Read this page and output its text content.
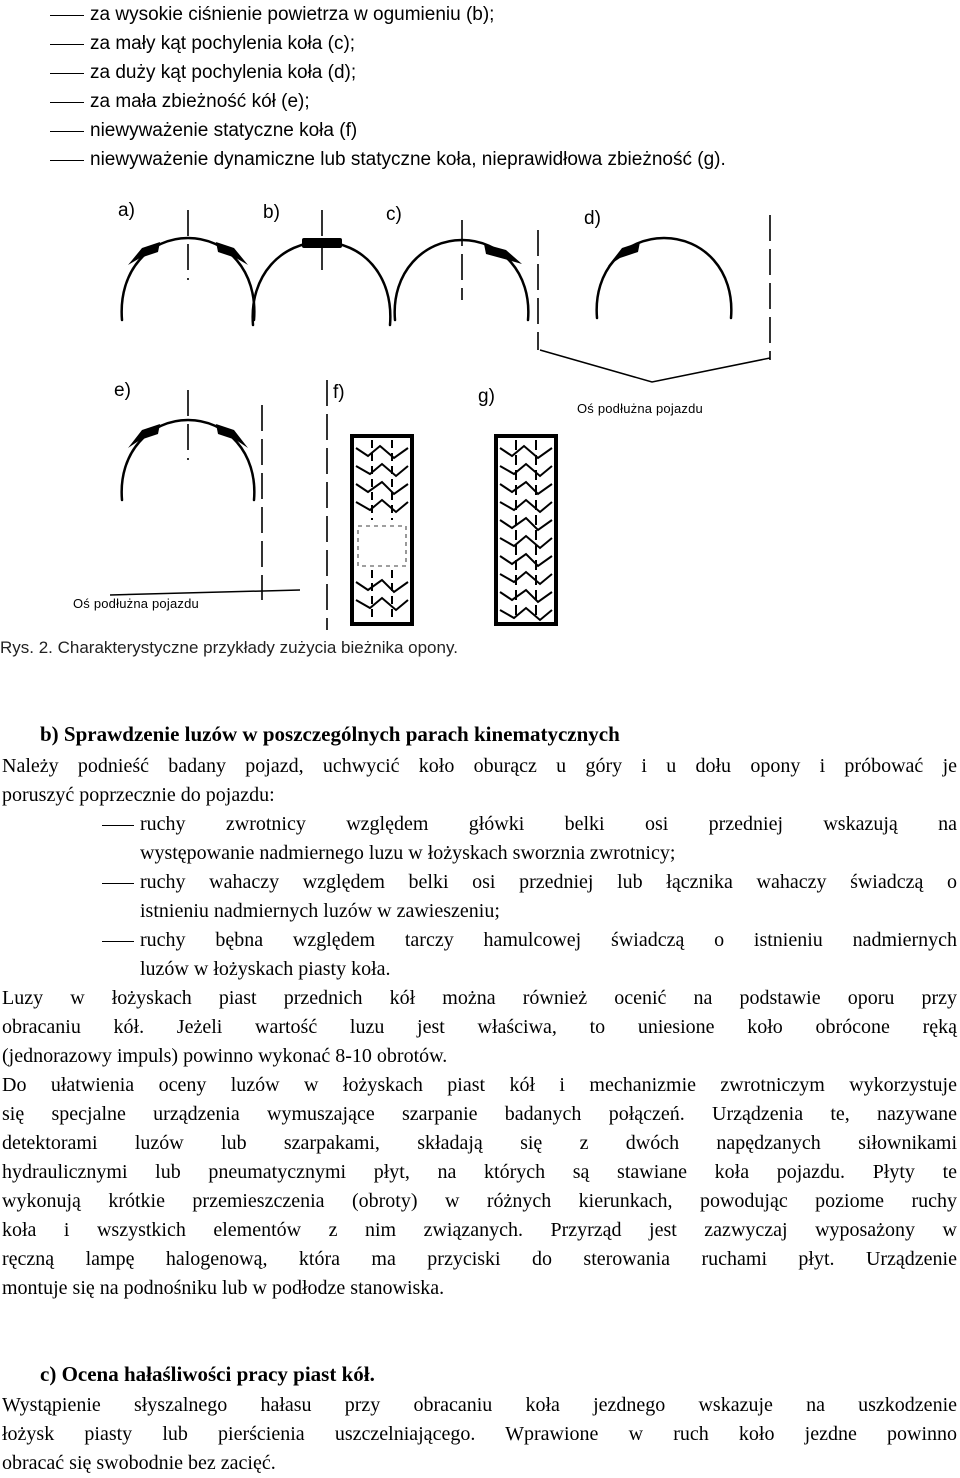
za wysokie ciśnienie powietrza w ogumieniu (b);
za mały kąt pochylenia koła (c);
za duży kąt pochylenia koła (d);
za mała zbieżność kół (e);
niewyważenie statyczne koła (f)
niewyważenie dynamiczne lub statyczne koła, nieprawidłowa zbieżność (g).
a)	b)	c)	d)
e)	f)	g)
Oś podłużna pojazdu
Oś podłużna pojazdu
Rys. 2. Charakterystyczne przykłady zużycia bieżnika opony.
b) Sprawdzenie luzów w poszczególnych parach kinematycznych
Należy podnieść badany pojazd, uchwycić koło oburącz u góry i u dołu opony i próbować je
poruszyć poprzecznie do pojazdu:
ruchy zwrotnicy względem główki belki osi przedniej wskazują na
występowanie nadmiernego luzu w łożyskach sworznia zwrotnicy;
ruchy wahaczy względem belki osi przedniej lub łącznika wahaczy świadczą o
istnieniu nadmiernych luzów w zawieszeniu;
ruchy bębna względem tarczy hamulcowej świadczą o istnieniu nadmiernych
luzów w łożyskach piasty koła.
Luzy w łożyskach piast przednich kół można również ocenić na podstawie oporu przy
obracaniu kół. Jeżeli wartość luzu jest właściwa, to uniesione koło obrócone ręką
(jednorazowy impuls) powinno wykonać 8-10 obrotów.
Do ułatwienia oceny luzów w łożyskach piast kół i mechanizmie zwrotniczym wykorzystuje
się specjalne urządzenia wymuszające szarpanie badanych połączeń. Urządzenia te, nazywane
detektorami luzów lub szarpakami, składają się z dwóch napędzanych siłownikami
hydraulicznymi lub pneumatycznymi płyt, na których są stawiane koła pojazdu. Płyty te
wykonują krótkie przemieszczenia (obroty) w różnych kierunkach, powodując poziome ruchy
koła i wszystkich elementów z nim związanych. Przyrząd jest zazwyczaj wyposażony w
ręczną lampę halogenową, która ma przyciski do sterowania ruchami płyt. Urządzenie
montuje się na podnośniku lub w podłodze stanowiska.
c) Ocena hałaśliwości pracy piast kół.
Wystąpienie słyszalnego hałasu przy obracaniu koła jezdnego wskazuje na uszkodzenie
łożysk piasty lub pierścienia uszczelniającego. Wprawione w ruch koło jezdne powinno
obracać się swobodnie bez zacięć.
